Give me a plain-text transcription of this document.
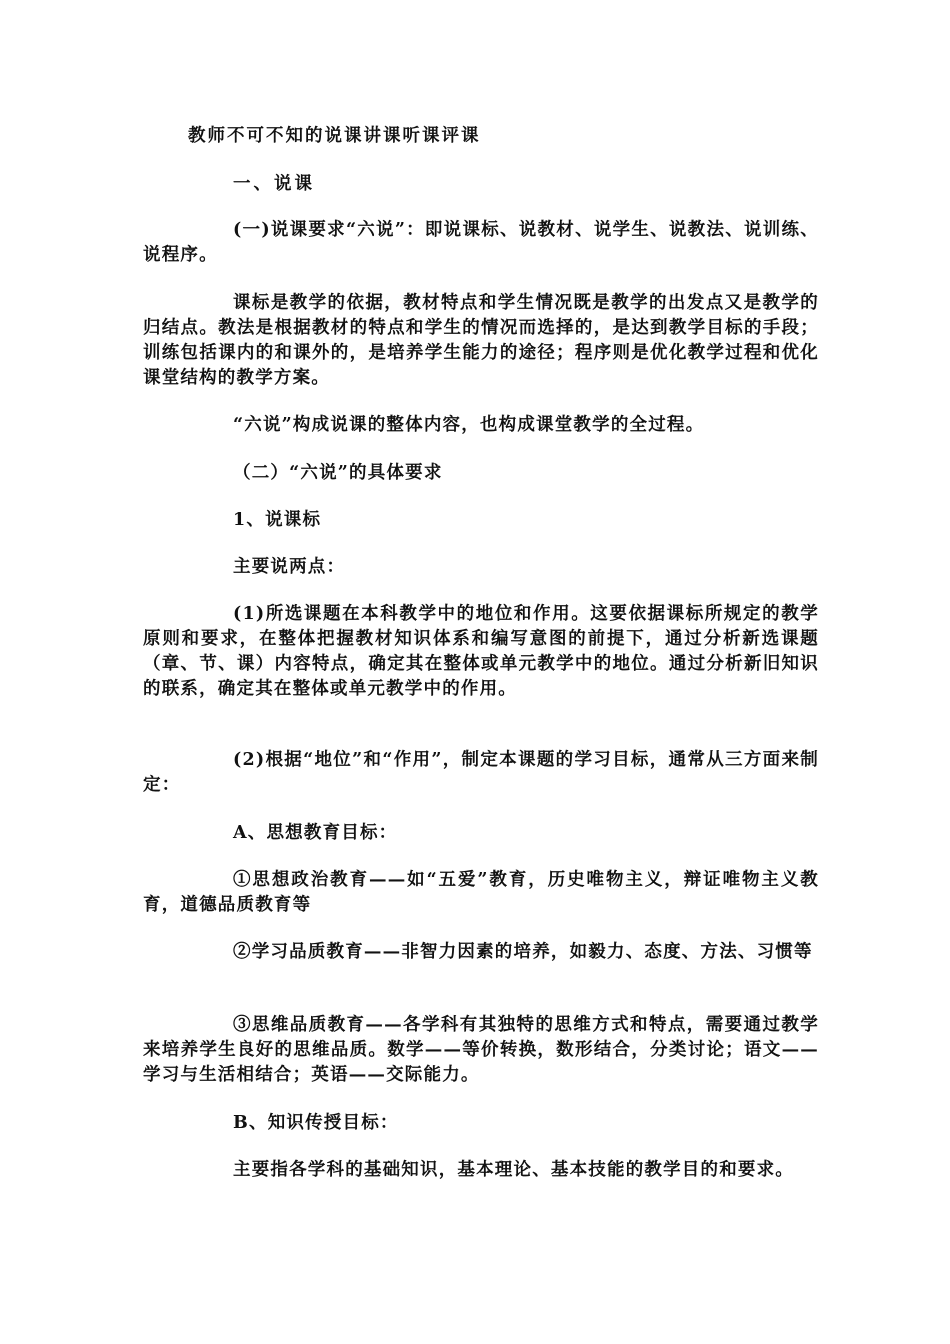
教师不可不知的说课讲课听课评课
一、说课
(一)说课要求“六说”：即说课标、说教材、说学生、说教法、说训练、说程序。
课标是教学的依据，教材特点和学生情况既是教学的出发点又是教学的归结点。教法是根据教材的特点和学生的情况而选择的，是达到教学目标的手段；训练包括课内的和课外的，是培养学生能力的途径；程序则是优化教学过程和优化课堂结构的教学方案。
“六说”构成说课的整体内容，也构成课堂教学的全过程。
（二）“六说”的具体要求
1、说课标
主要说两点：
(1)所选课题在本科教学中的地位和作用。这要依据课标所规定的教学原则和要求，在整体把握教材知识体系和编写意图的前提下，通过分析新选课题（章、节、课）内容特点，确定其在整体或单元教学中的地位。通过分析新旧知识的联系，确定其在整体或单元教学中的作用。
(2)根据“地位”和“作用”，制定本课题的学习目标，通常从三方面来制定：
A、思想教育目标：
①思想政治教育——如“五爱”教育，历史唯物主义，辩证唯物主义教育，道德品质教育等
②学习品质教育——非智力因素的培养，如毅力、态度、方法、习惯等
③思维品质教育——各学科有其独特的思维方式和特点，需要通过教学来培养学生良好的思维品质。数学——等价转换，数形结合，分类讨论；语文——学习与生活相结合；英语——交际能力。
B、知识传授目标：
主要指各学科的基础知识，基本理论、基本技能的教学目的和要求。
